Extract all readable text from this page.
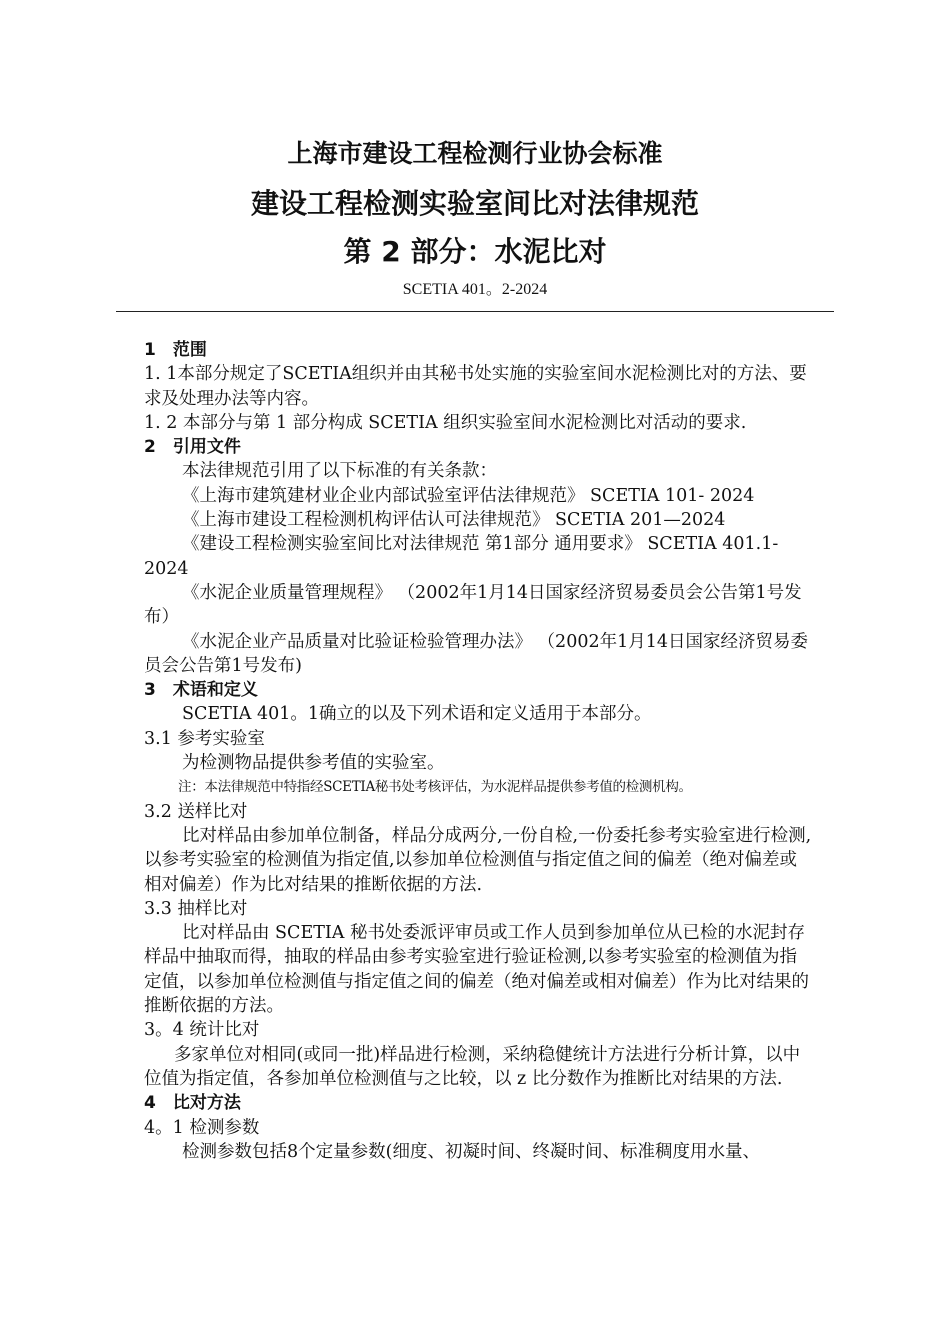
上海市建设工程检测行业协会标准
建设工程检测实验室间比对法律规范
第 2 部分：水泥比对
SCETIA 401。2-2024

1　范围

1. 1本部分规定了SCETIA组织并由其秘书处实施的实验室间水泥检测比对的方法、要求及处理办法等内容。

1. 2 本部分与第 1 部分构成 SCETIA 组织实验室间水泥检测比对活动的要求.

2　引用文件

本法律规范引用了以下标准的有关条款：

《上海市建筑建材业企业内部试验室评估法律规范》 SCETIA 101- 2024

《上海市建设工程检测机构评估认可法律规范》 SCETIA 201—2024

《建设工程检测实验室间比对法律规范 第1部分 通用要求》 SCETIA 401.1-2024

《水泥企业质量管理规程》 （2002年1月14日国家经济贸易委员会公告第1号发布）

《水泥企业产品质量对比验证检验管理办法》 （2002年1月14日国家经济贸易委员会公告第1号发布)

3　术语和定义

SCETIA 401。1确立的以及下列术语和定义适用于本部分。

3.1 参考实验室

为检测物品提供参考值的实验室。

注：本法律规范中特指经SCETIA秘书处考核评估，为水泥样品提供参考值的检测机构。

3.2 送样比对

比对样品由参加单位制备，样品分成两分,一份自检,一份委托参考实验室进行检测,以参考实验室的检测值为指定值,以参加单位检测值与指定值之间的偏差（绝对偏差或相对偏差）作为比对结果的推断依据的方法.

3.3 抽样比对

比对样品由 SCETIA 秘书处委派评审员或工作人员到参加单位从已检的水泥封存样品中抽取而得，抽取的样品由参考实验室进行验证检测,以参考实验室的检测值为指定值，以参加单位检测值与指定值之间的偏差（绝对偏差或相对偏差）作为比对结果的推断依据的方法。

3。4 统计比对

多家单位对相同(或同一批)样品进行检测，采纳稳健统计方法进行分析计算，以中位值为指定值，各参加单位检测值与之比较，以 z 比分数作为推断比对结果的方法.

4　比对方法

4。1 检测参数

检测参数包括8个定量参数(细度、初凝时间、终凝时间、标准稠度用水量、
